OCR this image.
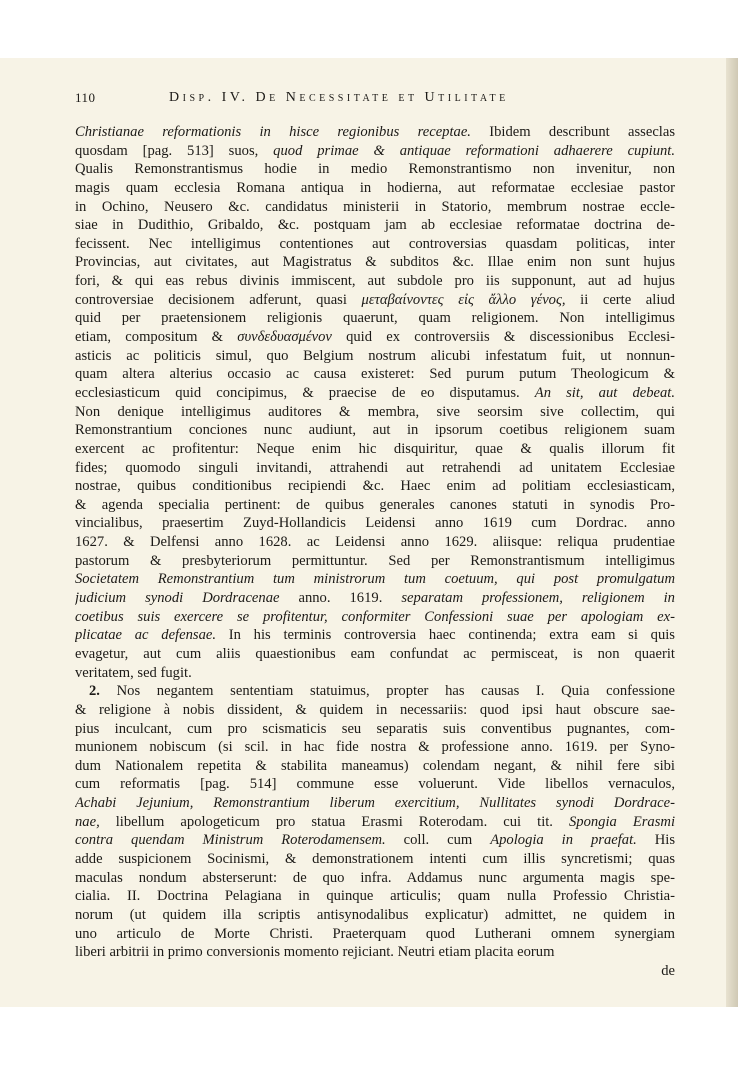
110	Disp. IV. De Necessitate et Utilitate
Christianae reformationis in hisce regionibus receptae. Ibidem describunt asseclas
quosdam [pag. 513] suos, quod primae & antiquae reformationi adhaerere cupiunt.
Qualis Remonstrantismus hodie in medio Remonstrantismo non invenitur, non
magis quam ecclesia Romana antiqua in hodierna, aut reformatae ecclesiae pastor
in Ochino, Neusero &c. candidatus ministerii in Statorio, membrum nostrae eccle-
siae in Dudithio, Gribaldo, &c. postquam jam ab ecclesiae reformatae doctrina de-
fecissent. Nec intelligimus contentiones aut controversias quasdam politicas, inter
Provincias, aut civitates, aut Magistratus & subditos &c. Illae enim non sunt hujus
fori, & qui eas rebus divinis immiscent, aut subdole pro iis supponunt, aut ad hujus
controversiae decisionem adferunt, quasi μεταβαίνοντες εἰς ἄλλο γένος, ii certe aliud
quid per praetensionem religionis quaerunt, quam religionem. Non intelligimus
etiam, compositum & συνδεδυασμένον quid ex controversiis & discessionibus Ecclesi-
asticis ac politicis simul, quo Belgium nostrum alicubi infestatum fuit, ut nonnun-
quam altera alterius occasio ac causa existeret: Sed purum putum Theologicum &
ecclesiasticum quid concipimus, & praecise de eo disputamus. An sit, aut debeat.
Non denique intelligimus auditores & membra, sive seorsim sive collectim, qui
Remonstrantium conciones nunc audiunt, aut in ipsorum coetibus religionem suam
exercent ac profitentur: Neque enim hic disquiritur, quae & qualis illorum fit
fides; quomodo singuli invitandi, attrahendi aut retrahendi ad unitatem Ecclesiae
nostrae, quibus conditionibus recipiendi &c. Haec enim ad politiam ecclesiasticam,
& agenda specialia pertinent: de quibus generales canones statuti in synodis Pro-
vincialibus, praesertim Zuyd-Hollandicis Leidensi anno 1619 cum Dordrac. anno
1627. & Delfensi anno 1628. ac Leidensi anno 1629. aliisque: reliqua prudentiae
pastorum & presbyteriorum permittuntur. Sed per Remonstrantismum intelligimus
Societatem Remonstrantium tum ministrorum tum coetuum, qui post promulgatum
judicium synodi Dordracenae anno. 1619. separatam professionem, religionem in
coetibus suis exercere se profitentur, conformiter Confessioni suae per apologiam ex-
plicatae ac defensae. In his terminis controversia haec continenda; extra eam si quis
evagetur, aut cum aliis quaestionibus eam confundat ac permisceat, is non quaerit
veritatem, sed fugit.
2. Nos negantem sententiam statuimus, propter has causas I. Quia confessione
& religione à nobis dissident, & quidem in necessariis: quod ipsi haut obscure sae-
pius inculcant, cum pro scismaticis seu separatis suis conventibus pugnantes, com-
munionem nobiscum (si scil. in hac fide nostra & professione anno. 1619. per Syno-
dum Nationalem repetita & stabilita maneamus) colendam negant, & nihil fere sibi
cum reformatis [pag. 514] commune esse voluerunt. Vide libellos vernaculos,
Achabi Jejunium, Remonstrantium liberum exercitium, Nullitates synodi Dordrace-
nae, libellum apologeticum pro statua Erasmi Roterodam. cui tit. Spongia Erasmi
contra quendam Ministrum Roterodamensem. coll. cum Apologia in praefat. His
adde suspicionem Socinismi, & demonstrationem intenti cum illis syncretismi; quas
maculas nondum absterserunt: de quo infra. Addamus nunc argumenta magis spe-
cialia. II. Doctrina Pelagiana in quinque articulis; quam nulla Professio Christia-
norum (ut quidem illa scriptis antisynodalibus explicatur) admittet, ne quidem in
uno articulo de Morte Christi. Praeterquam quod Lutherani omnem synergiam
liberi arbitrii in primo conversionis momento rejiciant. Neutri etiam placita eorum
de
